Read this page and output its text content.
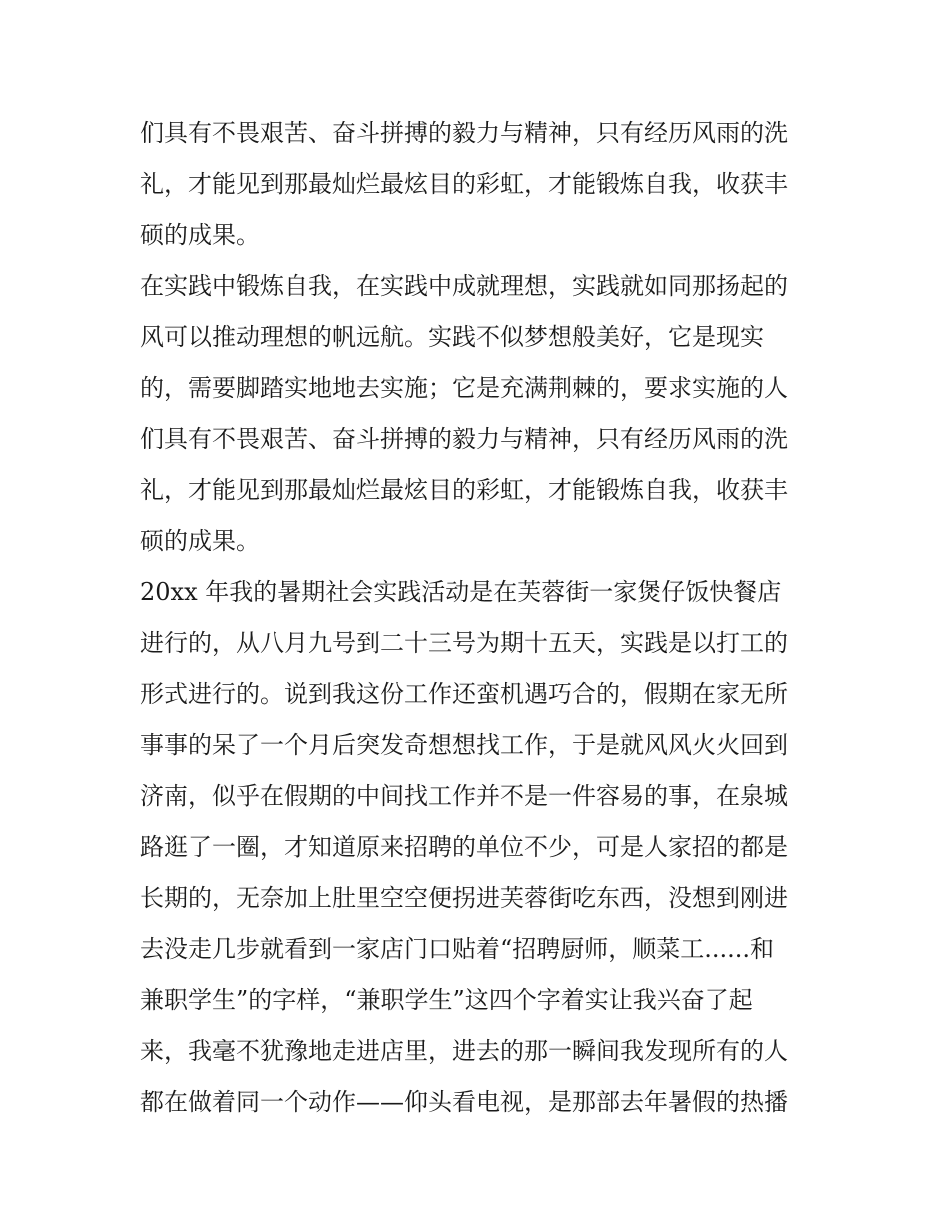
们具有不畏艰苦、奋斗拼搏的毅力与精神，只有经历风雨的洗
礼，才能见到那最灿烂最炫目的彩虹，才能锻炼自我，收获丰
硕的成果。
在实践中锻炼自我，在实践中成就理想，实践就如同那扬起的
风可以推动理想的帆远航。实践不似梦想般美好，它是现实
的，需要脚踏实地地去实施；它是充满荆棘的，要求实施的人
们具有不畏艰苦、奋斗拼搏的毅力与精神，只有经历风雨的洗
礼，才能见到那最灿烂最炫目的彩虹，才能锻炼自我，收获丰
硕的成果。
20xx 年我的暑期社会实践活动是在芙蓉街一家煲仔饭快餐店
进行的，从八月九号到二十三号为期十五天，实践是以打工的
形式进行的。说到我这份工作还蛮机遇巧合的，假期在家无所
事事的呆了一个月后突发奇想想找工作，于是就风风火火回到
济南，似乎在假期的中间找工作并不是一件容易的事，在泉城
路逛了一圈，才知道原来招聘的单位不少，可是人家招的都是
长期的，无奈加上肚里空空便拐进芙蓉街吃东西，没想到刚进
去没走几步就看到一家店门口贴着“招聘厨师，顺菜工......和
兼职学生”的字样，“兼职学生”这四个字着实让我兴奋了起
来，我毫不犹豫地走进店里，进去的那一瞬间我发现所有的人
都在做着同一个动作——仰头看电视，是那部去年暑假的热播
